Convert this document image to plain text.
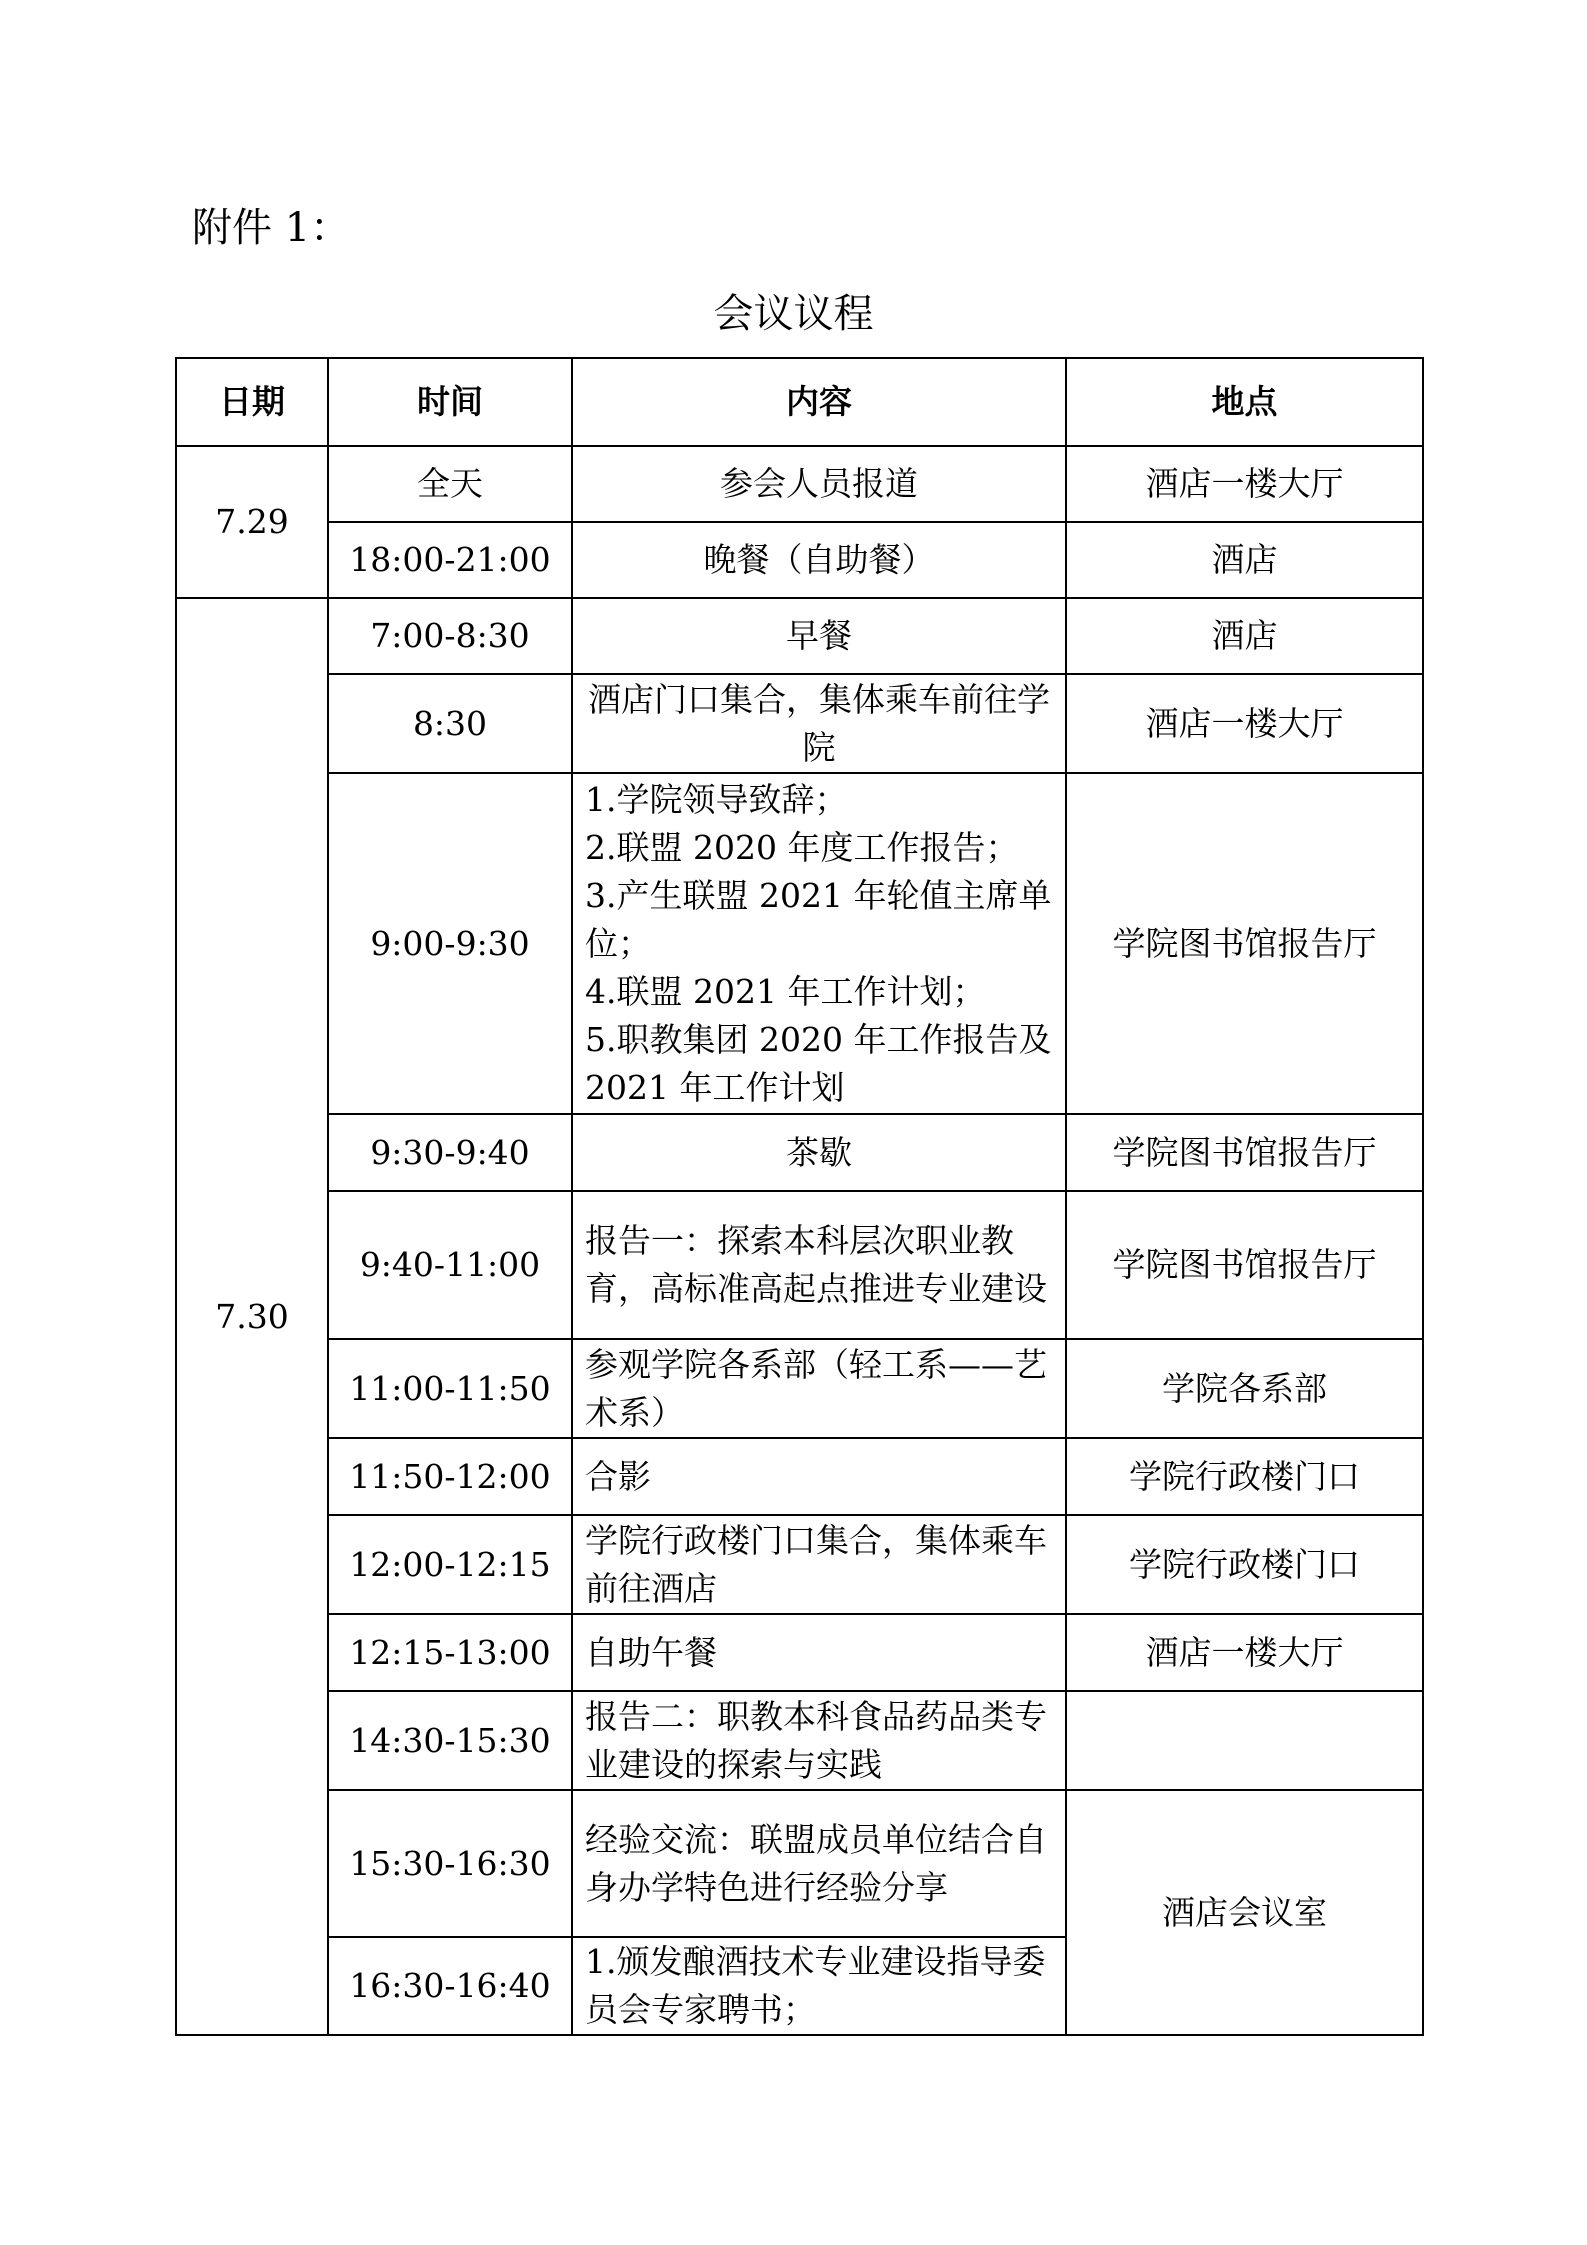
附件 1：
会议议程
日期	时间	内容	地点
7.29	全天	参会人员报道	酒店一楼大厅
	18:00-21:00	晚餐（自助餐）	酒店
7.30	7:00-8:30	早餐	酒店
	8:30	酒店门口集合，集体乘车前往学院	酒店一楼大厅
	9:00-9:30	1.学院领导致辞；
2.联盟 2020 年度工作报告；
3.产生联盟 2021 年轮值主席单位；
4.联盟 2021 年工作计划；
5.职教集团 2020 年工作报告及 2021 年工作计划	学院图书馆报告厅
	9:30-9:40	茶歇	学院图书馆报告厅
	9:40-11:00	报告一：探索本科层次职业教育，高标准高起点推进专业建设	学院图书馆报告厅
	11:00-11:50	参观学院各系部（轻工系——艺术系）	学院各系部
	11:50-12:00	合影	学院行政楼门口
	12:00-12:15	学院行政楼门口集合，集体乘车前往酒店	学院行政楼门口
	12:15-13:00	自助午餐	酒店一楼大厅
	14:30-15:30	报告二：职教本科食品药品类专业建设的探索与实践	
	15:30-16:30	经验交流：联盟成员单位结合自身办学特色进行经验分享	酒店会议室
	16:30-16:40	1.颁发酿酒技术专业建设指导委员会专家聘书；	
